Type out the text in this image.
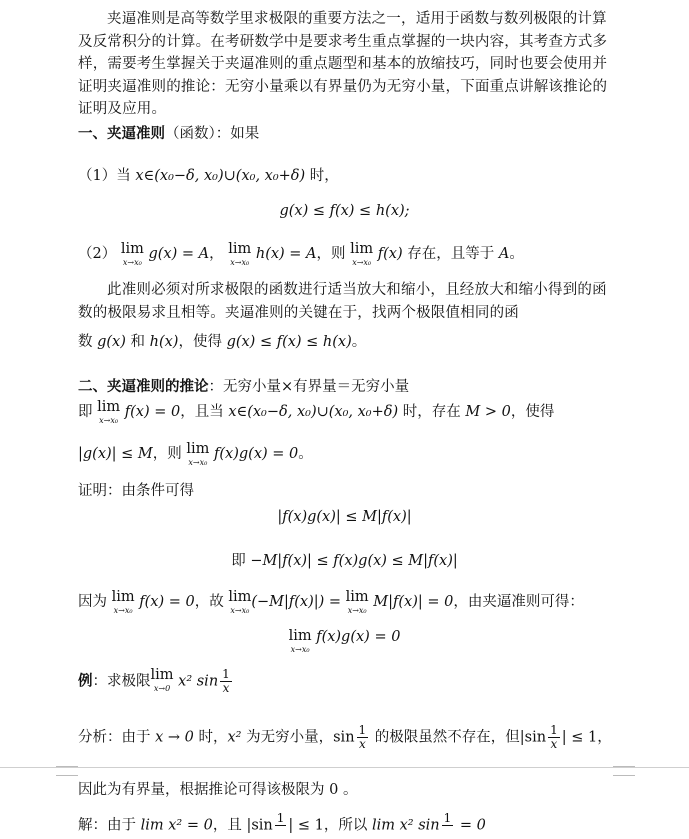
夹逼准则是高等数学里求极限的重要方法之一，适用于函数与数列极限的计算及反常积分的计算。在考研数学中是要求考生重点掌握的一块内容，其考查方式多样，需要考生掌握关于夹逼准则的重点题型和基本的放缩技巧，同时也要会使用并证明夹逼准则的推论：无穷小量乘以有界量仍为无穷小量，下面重点讲解该推论的证明及应用。
一、夹逼准则（函数）：如果
（1）当 x∈(x₀−δ, x₀)∪(x₀, x₀+δ) 时，
g(x) ≤ f(x) ≤ h(x);
（2） lim
x→x₀ g(x) = A， lim
x→x₀ h(x) = A，则 lim
x→x₀ f(x) 存在，且等于 A。
此准则必须对所求极限的函数进行适当放大和缩小，且经放大和缩小得到的函数的极限易求且相等。夹逼准则的关键在于，找两个极限值相同的函
数 g(x) 和 h(x)，使得 g(x) ≤ f(x) ≤ h(x)。
二、夹逼准则的推论：无穷小量×有界量＝无穷小量
即 lim
x→x₀ f(x) = 0，且当 x∈(x₀−δ, x₀)∪(x₀, x₀+δ) 时，存在 M > 0，使得
|g(x)| ≤ M，则 lim
x→x₀ f(x)g(x) = 0。
证明：由条件可得
|f(x)g(x)| ≤ M|f(x)|
即 −M|f(x)| ≤ f(x)g(x) ≤ M|f(x)|
因为 lim
x→x₀ f(x) = 0，故 lim
x→x₀ (−M|f(x)|) = lim
x→x₀ M|f(x)| = 0，由夹逼准则可得：
lim
x→x₀
f(x)g(x) = 0
例：求极限 lim
x→0 x² $\sin \frac{1}{x}$
分析：由于 x → 0 时，x² 为无穷小量，$\sin \frac{1}{x}$ 的极限虽然不存在，但$|\sin \frac{1}{x}$ | ≤ 1，
因此为有界量，根据推论可得该极限为 0 。
解：由于 lim x² = 0，且 |sin 1
| ≤ 1，所以 lim x² sin 1
= 0
